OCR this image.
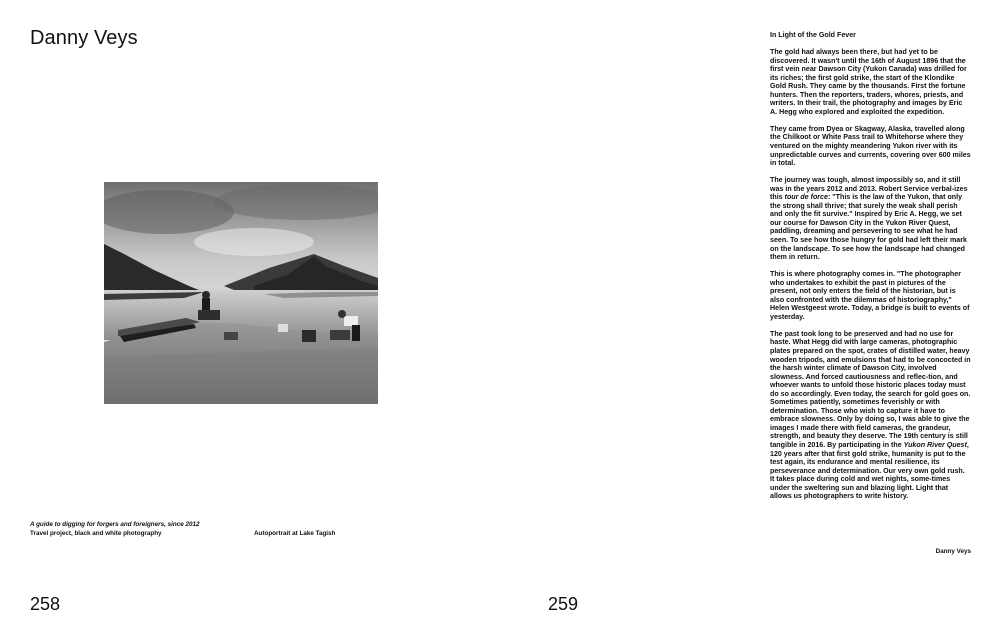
Danny Veys
A guide to digging for forgers and foreigners, since 2012
Travel project, black and white photography	Autoportrait at Lake Tagish
258
In Light of the Gold Fever

The gold had always been there, but had yet to be discovered. It wasn't until the 16th of August 1896 that the first vein near Dawson City (Yukon Canada) was drilled for its riches; the first gold strike, the start of the Klondike Gold Rush. They came by the thousands. First the fortune hunters. Then the reporters, traders, whores, priests, and writers. In their trail, the photography and images by Eric A. Hegg who explored and exploited the expedition.

They came from Dyea or Skagway, Alaska, travelled along the Chilkoot or White Pass trail to Whitehorse where they ventured on the mighty meandering Yukon river with its unpredictable curves and currents, covering over 600 miles in total.

The journey was tough, almost impossibly so, and it still was in the years 2012 and 2013. Robert Service verbal-izes this tour de force: "This is the law of the Yukon, that only the strong shall thrive; that surely the weak shall perish and only the fit survive." Inspired by Eric A. Hegg, we set our course for Dawson City in the Yukon River Quest, paddling, dreaming and persevering to see what he had seen. To see how those hungry for gold had left their mark on the landscape. To see how the landscape had changed them in return.

This is where photography comes in. "The photographer who undertakes to exhibit the past in pictures of the present, not only enters the field of the historian, but is also confronted with the dilemmas of historiography," Helen Westgeest wrote. Today, a bridge is built to events of yesterday.

The past took long to be preserved and had no use for haste. What Hegg did with large cameras, photographic plates prepared on the spot, crates of distilled water, heavy wooden tripods, and emulsions that had to be concocted in the harsh winter climate of Dawson City, involved slowness. And forced cautiousness and reflec-tion, and whoever wants to unfold those historic places today must do so accordingly. Even today, the search for gold goes on. Sometimes patiently, sometimes feverishly or with determination. Those who wish to capture it have to embrace slowness. Only by doing so, I was able to give the images I made there with field cameras, the grandeur, strength, and beauty they deserve. The 19th century is still tangible in 2016. By participating in the Yukon River Quest, 120 years after that first gold strike, humanity is put to the test again, its endurance and mental resilience, its perseverance and determination. Our very own gold rush. It takes place during cold and wet nights, some-times under the sweltering sun and blazing light. Light that allows us photographers to write history.

Danny Veys
259
